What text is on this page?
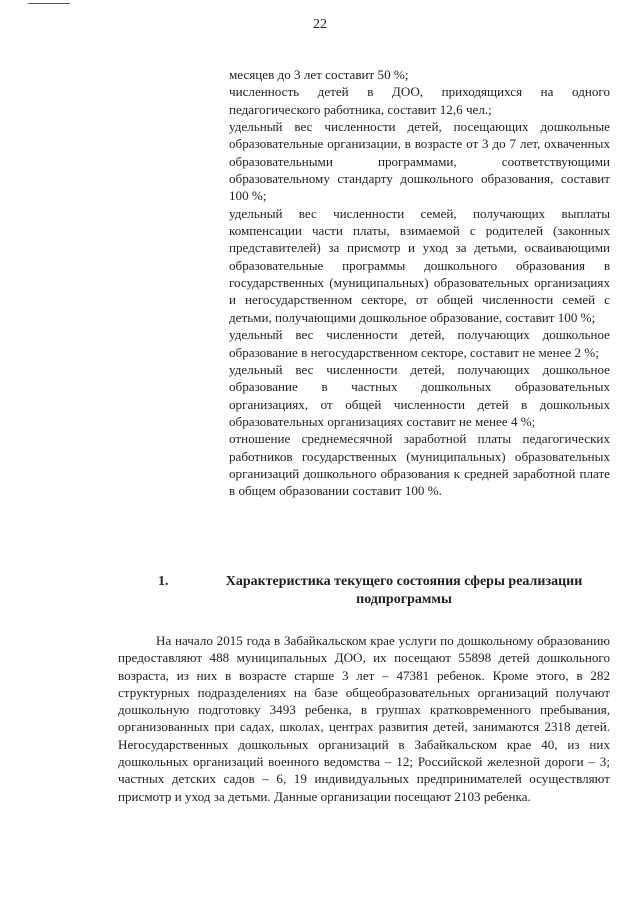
22

месяцев до 3 лет составит 50 %;

численность детей в ДОО, приходящихся на одного педагогического работника, составит 12,6 чел.;

удельный вес численности детей, посещающих дошкольные образовательные организации, в возрасте от 3 до 7 лет, охваченных образовательными программами, соответствующими образовательному стандарту дошкольного образования, составит 100 %;

удельный вес численности семей, получающих выплаты компенсации части платы, взимаемой с родителей (законных представителей) за присмотр и уход за детьми, осваивающими образовательные программы дошкольного образования в государственных (муниципальных) образовательных организациях и негосударственном секторе, от общей численности семей с детьми, получающими дошкольное образование, составит 100 %;

удельный вес численности детей, получающих дошкольное образование в негосударственном секторе, составит не менее 2 %;

удельный вес численности детей, получающих дошкольное образование в частных дошкольных образовательных организациях, от общей численности детей в дошкольных образовательных организациях составит не менее 4 %;

отношение среднемесячной заработной платы педагогических работников государственных (муниципальных) образовательных организаций дошкольного образования к средней заработной плате в общем образовании составит 100 %.

1.	Характеристика текущего состояния сферы реализации подпрограммы

На начало 2015 года в Забайкальском крае услуги по дошкольному образованию предоставляют 488 муниципальных ДОО, их посещают 55898 детей дошкольного возраста, из них в возрасте старше 3 лет – 47381 ребенок. Кроме этого, в 282 структурных подразделениях на базе общеобразовательных организаций получают дошкольную подготовку 3493 ребенка, в группах кратковременного пребывания, организованных при садах, школах, центрах развития детей, занимаются 2318 детей. Негосударственных дошкольных организаций в Забайкальском крае 40, из них дошкольных организаций военного ведомства – 12; Российской железной дороги – 3; частных детских садов – 6, 19 индивидуальных предпринимателей осуществляют присмотр и уход за детьми. Данные организации посещают 2103 ребенка.
